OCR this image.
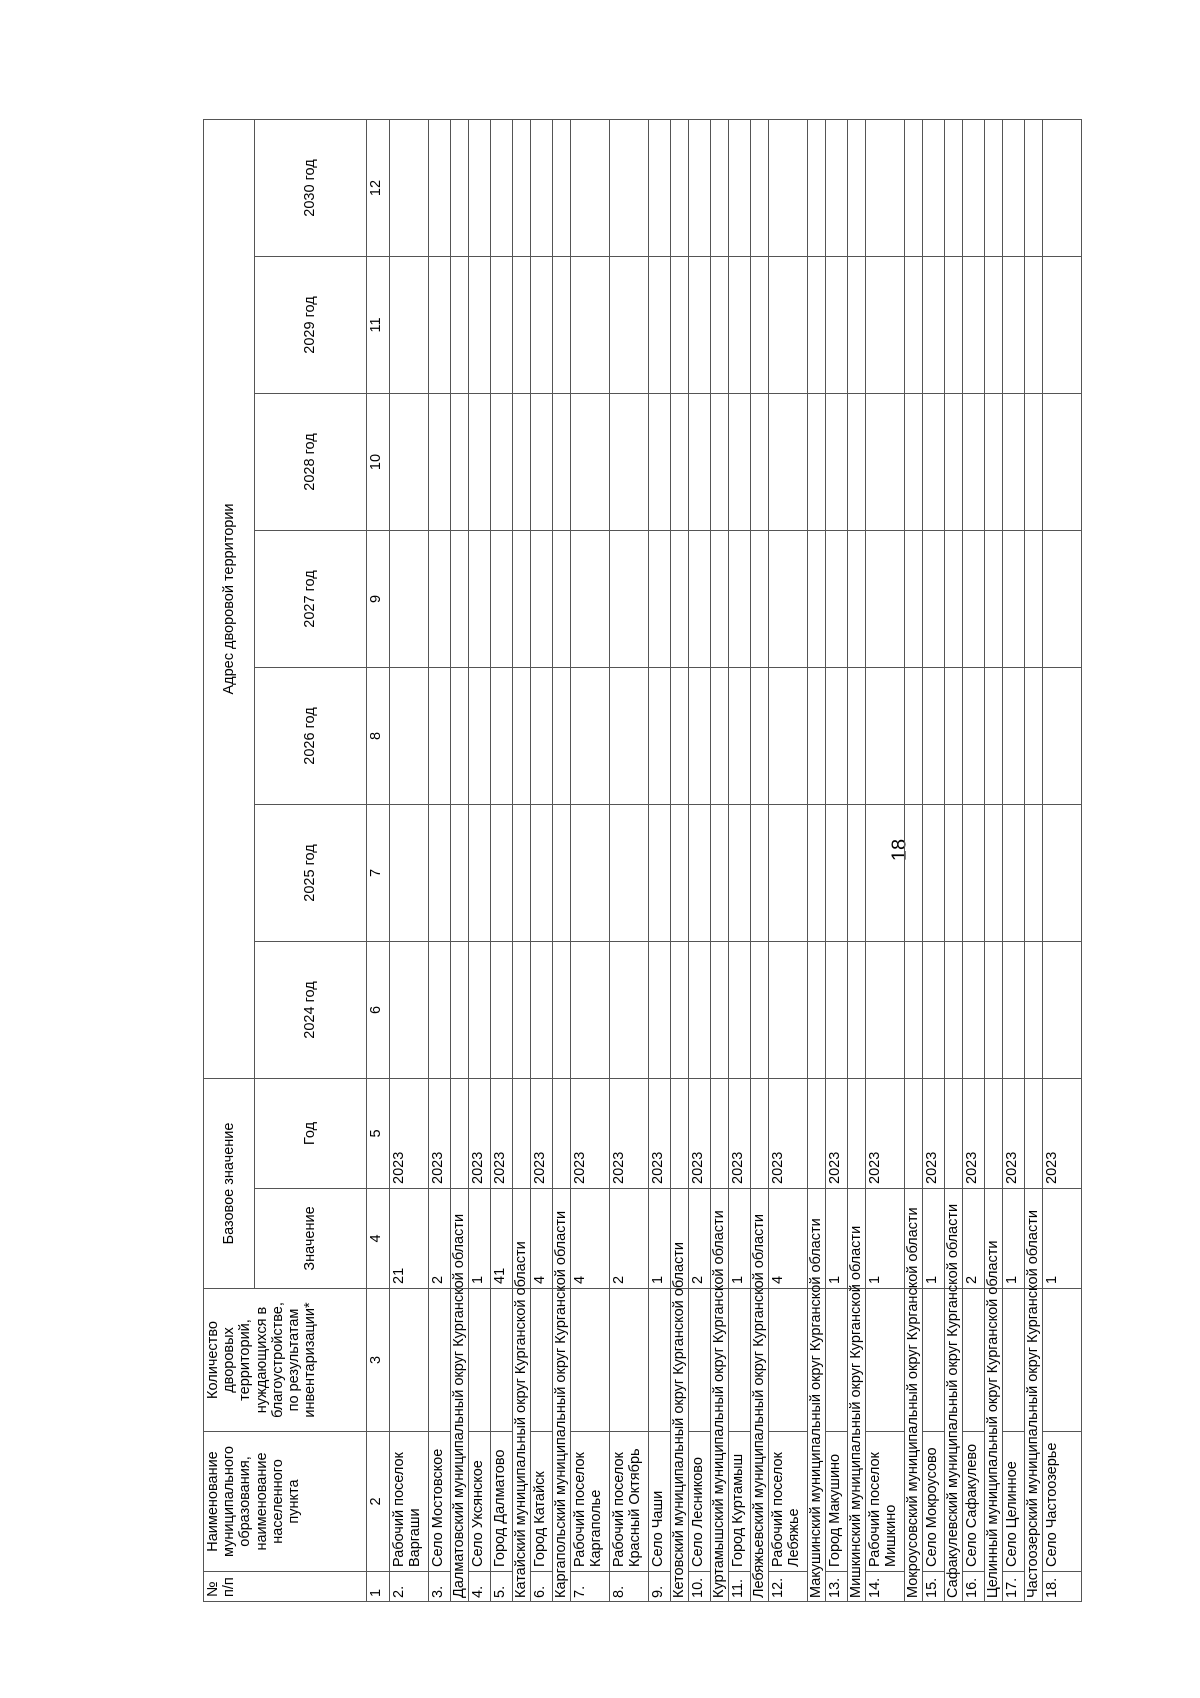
18
№ п/п	Наименование муниципального образования, наименование населенного пункта	Количество дворовых территорий, нуждающихся в благоустройстве, по результатам инвентаризации*	Базовое значение		Адрес дворовой территории						
			Значение	Год	2024 год	2025 год	2026 год	2027 год	2028 год	2029 год	2030 год
1	2	3	4	5	6	7	8	9	10	11	12
2.	Рабочий поселок Варгаши		21	2023							
3.	Село Мостовское		2	2023							
Далматовский муниципальный округ Курганской области											
4.	Село Уксянское		1	2023							
5.	Город Далматово		41	2023							
Катайский муниципальный округ Курганской области											
6.	Город Катайск		4	2023							
Каргапольский муниципальный округ Курганской области											
7.	Рабочий поселок Каргаполье		4	2023							
8.	Рабочий поселок Красный Октябрь		2	2023							
9.	Село Чаши		1	2023							
Кетовский муниципальный округ Курганской области											
10.	Село Лесниково		2	2023							
Куртамышский муниципальный округ Курганской области											
11.	Город Куртамыш		1	2023							
Лебяжьевский муниципальный округ Курганской области											
12.	Рабочий поселок Лебяжье		4	2023							
Макушинский муниципальный округ Курганской области											
13.	Город Макушино		1	2023							
Мишкинский муниципальный округ Курганской области											
14.	Рабочий поселок Мишкино		1	2023							
Мокроусовский муниципальный округ Курганской области											
15.	Село Мокроусово		1	2023							
Сафакулевский муниципальный округ Курганской области											
16.	Село Сафакулево		2	2023							
Целинный муниципальный округ Курганской области											
17.	Село Целинное		1	2023							
Частоозерский муниципальный округ Курганской области											
18.	Село Частоозерье		1	2023							
